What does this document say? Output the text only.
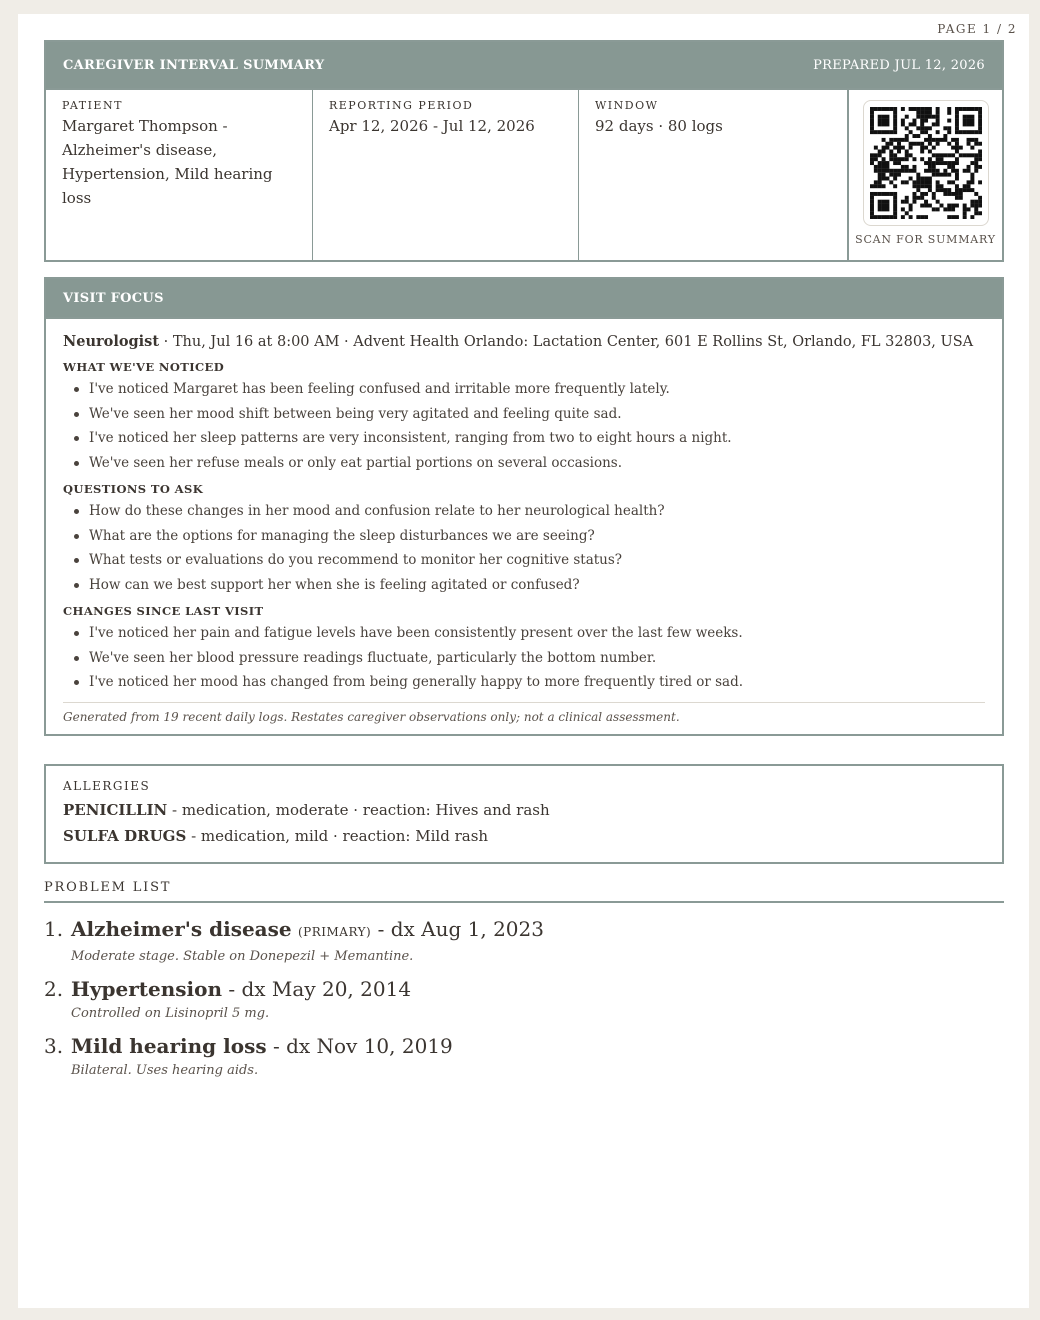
PAGE 1 / 2
CAREGIVER INTERVAL SUMMARY	PREPARED JUL 12, 2026
PATIENT
Margaret Thompson - Alzheimer's disease, Hypertension, Mild hearing loss
REPORTING PERIOD
Apr 12, 2026 - Jul 12, 2026
WINDOW
92 days · 80 logs
SCAN FOR SUMMARY
VISIT FOCUS
Neurologist · Thu, Jul 16 at 8:00 AM · Advent Health Orlando: Lactation Center, 601 E Rollins St, Orlando, FL 32803, USA
WHAT WE'VE NOTICED
I've noticed Margaret has been feeling confused and irritable more frequently lately.
We've seen her mood shift between being very agitated and feeling quite sad.
I've noticed her sleep patterns are very inconsistent, ranging from two to eight hours a night.
We've seen her refuse meals or only eat partial portions on several occasions.
QUESTIONS TO ASK
How do these changes in her mood and confusion relate to her neurological health?
What are the options for managing the sleep disturbances we are seeing?
What tests or evaluations do you recommend to monitor her cognitive status?
How can we best support her when she is feeling agitated or confused?
CHANGES SINCE LAST VISIT
I've noticed her pain and fatigue levels have been consistently present over the last few weeks.
We've seen her blood pressure readings fluctuate, particularly the bottom number.
I've noticed her mood has changed from being generally happy to more frequently tired or sad.
Generated from 19 recent daily logs. Restates caregiver observations only; not a clinical assessment.
ALLERGIES
PENICILLIN - medication, moderate · reaction: Hives and rash
SULFA DRUGS - medication, mild · reaction: Mild rash
PROBLEM LIST
1. Alzheimer's disease (PRIMARY) - dx Aug 1, 2023
Moderate stage. Stable on Donepezil + Memantine.
2. Hypertension - dx May 20, 2014
Controlled on Lisinopril 5 mg.
3. Mild hearing loss - dx Nov 10, 2019
Bilateral. Uses hearing aids.
